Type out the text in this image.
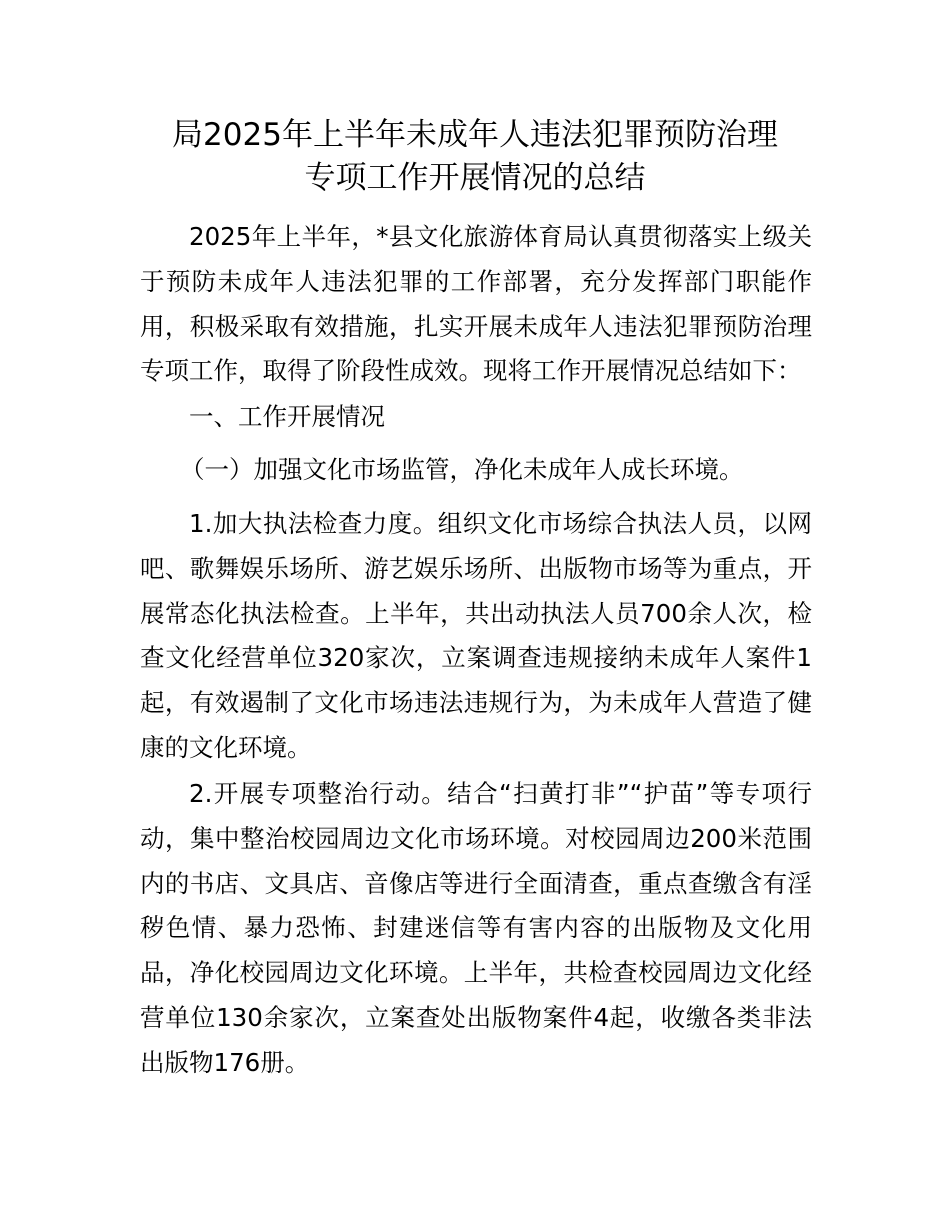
局2025年上半年未成年人违法犯罪预防治理
专项工作开展情况的总结

2025年上半年，*县文化旅游体育局认真贯彻落实上级关于预防未成年人违法犯罪的工作部署，充分发挥部门职能作用，积极采取有效措施，扎实开展未成年人违法犯罪预防治理专项工作，取得了阶段性成效。现将工作开展情况总结如下：

一、工作开展情况

（一）加强文化市场监管，净化未成年人成长环境。

1.加大执法检查力度。组织文化市场综合执法人员，以网吧、歌舞娱乐场所、游艺娱乐场所、出版物市场等为重点，开展常态化执法检查。上半年，共出动执法人员700余人次，检查文化经营单位320家次，立案调查违规接纳未成年人案件1起，有效遏制了文化市场违法违规行为，为未成年人营造了健康的文化环境。

2.开展专项整治行动。结合“扫黄打非”“护苗”等专项行动，集中整治校园周边文化市场环境。对校园周边200米范围内的书店、文具店、音像店等进行全面清查，重点查缴含有淫秽色情、暴力恐怖、封建迷信等有害内容的出版物及文化用品，净化校园周边文化环境。上半年，共检查校园周边文化经营单位130余家次，立案查处出版物案件4起，收缴各类非法出版物176册。
